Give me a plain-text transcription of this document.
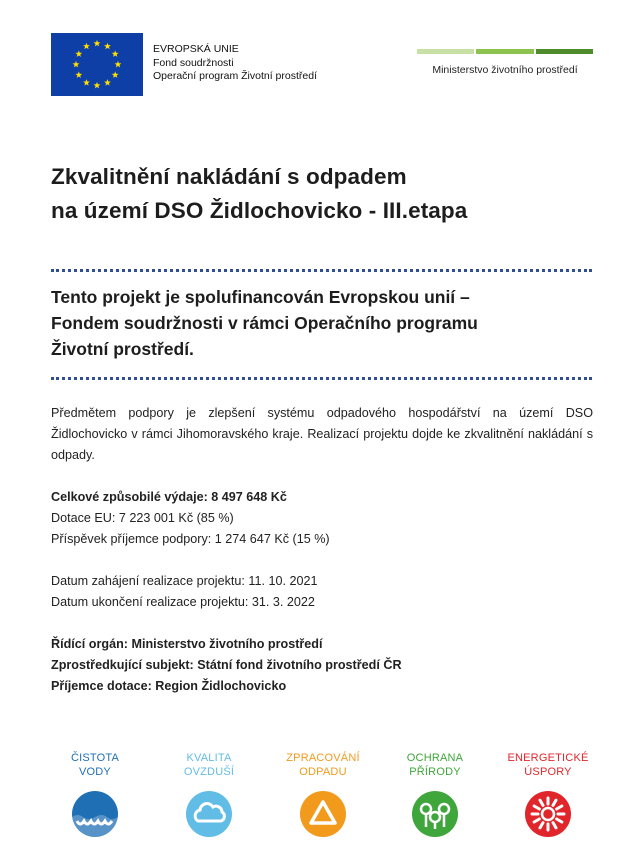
EVROPSKÁ UNIE
Fond soudržnosti
Operační program Životní prostředí	Ministerstvo životního prostředí
Zkvalitnění nakládání s odpadem
na území DSO Židlochovicko - III.etapa
Tento projekt je spolufinancován Evropskou unií –
Fondem soudržnosti v rámci Operačního programu
Životní prostředí.
Předmětem podpory je zlepšení systému odpadového hospodářství na území DSO Židlochovicko v rámci Jihomoravského kraje. Realizací projektu dojde ke zkvalitnění nakládání s odpady.
Celkové způsobilé výdaje: 8 497 648 Kč
Dotace EU: 7 223 001 Kč (85 %)
Příspěvek příjemce podpory: 1 274 647 Kč (15 %)
Datum zahájení realizace projektu: 11. 10. 2021
Datum ukončení realizace projektu: 31. 3. 2022
Řídící orgán: Ministerstvo životního prostředí
Zprostředkující subjekt: Státní fond životního prostředí ČR
Příjemce dotace: Region Židlochovicko
ČISTOTA
VODY
KVALITA
OVZDUŠÍ
ZPRACOVÁNÍ
ODPADU
OCHRANA
PŘÍRODY
ENERGETICKÉ
ÚSPORY
